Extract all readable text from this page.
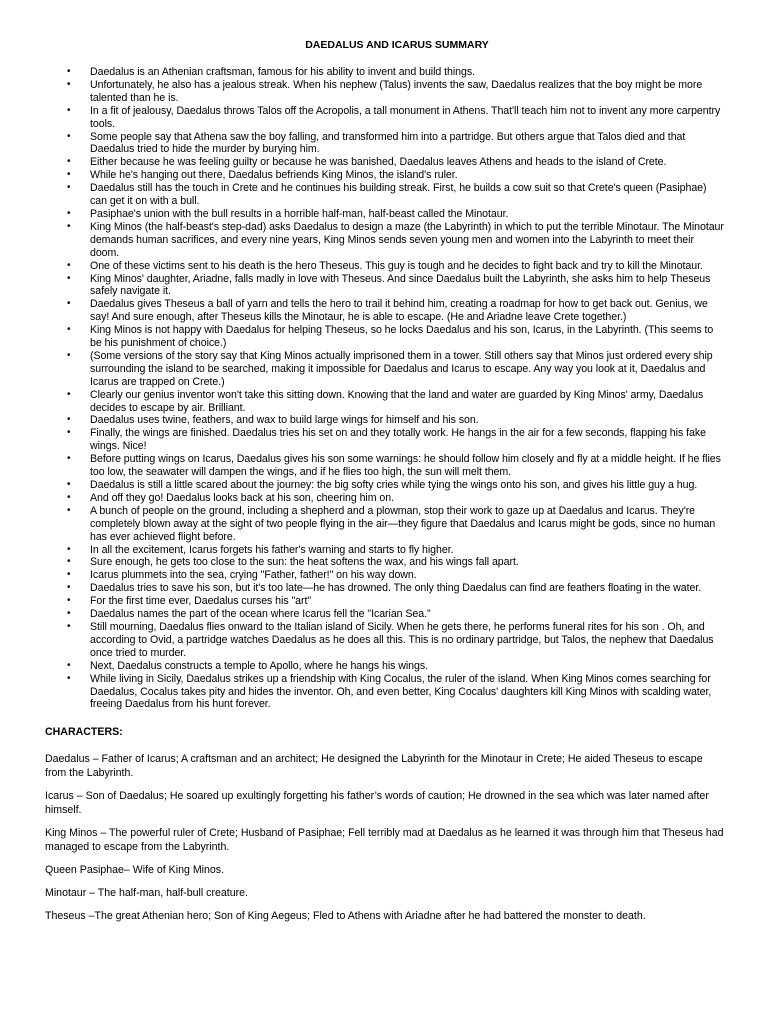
DAEDALUS AND ICARUS SUMMARY
•	Daedalus is an Athenian craftsman, famous for his ability to invent and build things.
•	Unfortunately, he also has a jealous streak. When his nephew (Talus) invents the saw, Daedalus realizes that the boy might be more talented than he is.
•	In a fit of jealousy, Daedalus throws Talos off the Acropolis, a tall monument in Athens. That'll teach him not to invent any more carpentry tools.
•	Some people say that Athena saw the boy falling, and transformed him into a partridge. But others argue that Talos died and that Daedalus tried to hide the murder by burying him.
•	Either because he was feeling guilty or because he was banished, Daedalus leaves Athens and heads to the island of Crete.
•	While he's hanging out there, Daedalus befriends King Minos, the island's ruler.
•	Daedalus still has the touch in Crete and he continues his building streak. First, he builds a cow suit so that Crete's queen (Pasiphae) can get it on with a bull.
•	Pasiphae's union with the bull results in a horrible half-man, half-beast called the Minotaur.
•	King Minos (the half-beast's step-dad) asks Daedalus to design a maze (the Labyrinth) in which to put the terrible Minotaur. The Minotaur demands human sacrifices, and every nine years, King Minos sends seven young men and women into the Labyrinth to meet their doom.
•	One of these victims sent to his death is the hero Theseus. This guy is tough and he decides to fight back and try to kill the Minotaur.
•	King Minos' daughter, Ariadne, falls madly in love with Theseus. And since Daedalus built the Labyrinth, she asks him to help Theseus safely navigate it.
•	Daedalus gives Theseus a ball of yarn and tells the hero to trail it behind him, creating a roadmap for how to get back out. Genius, we say! And sure enough, after Theseus kills the Minotaur, he is able to escape. (He and Ariadne leave Crete together.)
•	King Minos is not happy with Daedalus for helping Theseus, so he locks Daedalus and his son, Icarus, in the Labyrinth. (This seems to be his punishment of choice.)
•	(Some versions of the story say that King Minos actually imprisoned them in a tower. Still others say that Minos just ordered every ship surrounding the island to be searched, making it impossible for Daedalus and Icarus to escape. Any way you look at it, Daedalus and Icarus are trapped on Crete.)
•	Clearly our genius inventor won't take this sitting down. Knowing that the land and water are guarded by King Minos' army, Daedalus decides to escape by air. Brilliant.
•	Daedalus uses twine, feathers, and wax to build large wings for himself and his son.
•	Finally, the wings are finished. Daedalus tries his set on and they totally work. He hangs in the air for a few seconds, flapping his fake wings. Nice!
•	Before putting wings on Icarus, Daedalus gives his son some warnings: he should follow him closely and fly at a middle height. If he flies too low, the seawater will dampen the wings, and if he flies too high, the sun will melt them.
•	Daedalus is still a little scared about the journey: the big softy cries while tying the wings onto his son, and gives his little guy a hug.
•	And off they go! Daedalus looks back at his son, cheering him on.
•	A bunch of people on the ground, including a shepherd and a plowman, stop their work to gaze up at Daedalus and Icarus. They're completely blown away at the sight of two people flying in the air—they figure that Daedalus and Icarus might be gods, since no human has ever achieved flight before.
•	In all the excitement, Icarus forgets his father's warning and starts to fly higher.
•	Sure enough, he gets too close to the sun: the heat softens the wax, and his wings fall apart.
•	Icarus plummets into the sea, crying "Father, father!" on his way down.
•	Daedalus tries to save his son, but it's too late—he has drowned. The only thing Daedalus can find are feathers floating in the water.
•	For the first time ever, Daedalus curses his "art"
•	Daedalus names the part of the ocean where Icarus fell the "Icarian Sea."
•	Still mourning, Daedalus flies onward to the Italian island of Sicily. When he gets there, he performs funeral rites for his son . Oh, and according to Ovid, a partridge watches Daedalus as he does all this. This is no ordinary partridge, but Talos, the nephew that Daedalus once tried to murder.
•	Next, Daedalus constructs a temple to Apollo, where he hangs his wings.
•	While living in Sicily, Daedalus strikes up a friendship with King Cocalus, the ruler of the island. When King Minos comes searching for Daedalus, Cocalus takes pity and hides the inventor. Oh, and even better, King Cocalus' daughters kill King Minos with scalding water, freeing Daedalus from his hunt forever.
CHARACTERS:

Daedalus – Father of Icarus; A craftsman and an architect; He designed the Labyrinth for the Minotaur in Crete; He aided Theseus to escape from the Labyrinth.

Icarus – Son of Daedalus; He soared up exultingly forgetting his father’s words of caution; He drowned in the sea which was later named after himself.

King Minos – The powerful ruler of Crete; Husband of Pasiphae; Fell terribly mad at Daedalus as he learned it was through him that Theseus had managed to escape from the Labyrinth.

Queen Pasiphae– Wife of King Minos.

Minotaur – The half-man, half-bull creature.

Theseus –The great Athenian hero; Son of King Aegeus; Fled to Athens with Ariadne after he had battered the monster to death.
